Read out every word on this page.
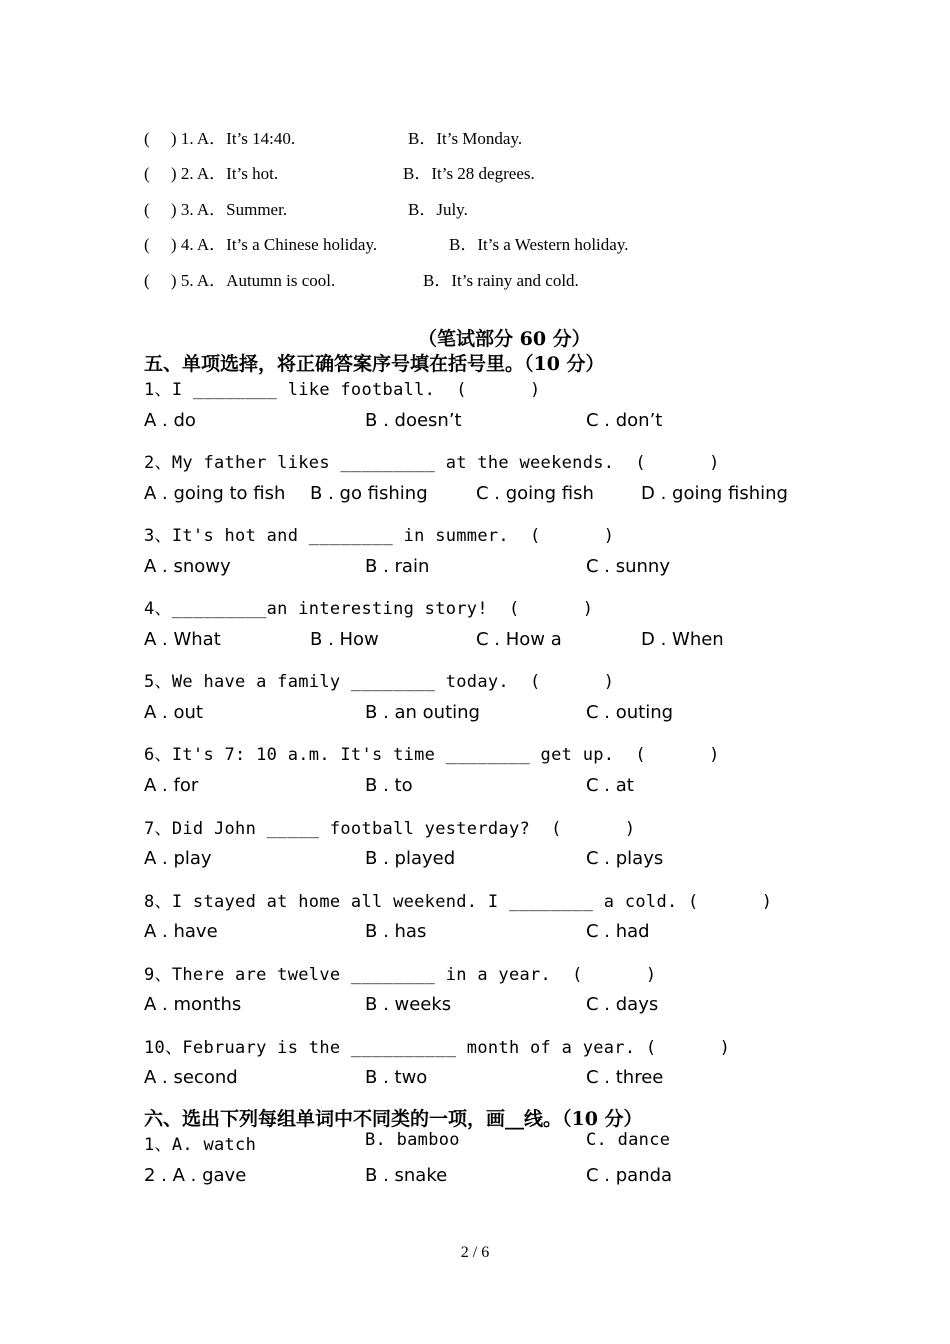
(     ) 1. A．It’s 14:40.	B．It’s Monday.
(     ) 2. A．It’s hot.	B．It’s 28 degrees.
(     ) 3. A．Summer.	B．July.
(     ) 4. A．It’s a Chinese holiday.	B．It’s a Western holiday.
(     ) 5. A．Autumn is cool.	B．It’s rainy and cold.
（笔试部分 60 分）
五、单项选择，将正确答案序号填在括号里。（10 分）
1、I ________ like football.  (      )
A . do	B . doesn’t	C . don’t
2、My father likes _________ at the weekends.  (      )
A . going to fish B . go fishing	C . going fish	D . going fishing
3、It's hot and ________ in summer.  (      )
A . snowy	B . rain	C . sunny
4、_________an interesting story!  (      )
A . What	B . How	C . How a	D . When
5、We have a family ________ today.  (      )
A . out	B . an outing	C . outing
6、It's 7: 10 a.m. It's time ________ get up.  (      )
A . for	B . to	C . at
7、Did John _____ football yesterday?  (      )
A . play	B . played	C . plays
8、I stayed at home all weekend. I ________ a cold. (      )
A . have	B . has	C . had
9、There are twelve ________ in a year.  (      )
A . months	B . weeks	C . days
10、February is the __________ month of a year. (      )
A . second	B . two	C . three
六、选出下列每组单词中不同类的一项，画__线。（10 分）
1、A. watch	B. bamboo	C. dance
2 . A . gave	B . snake	C . panda
2 / 6
